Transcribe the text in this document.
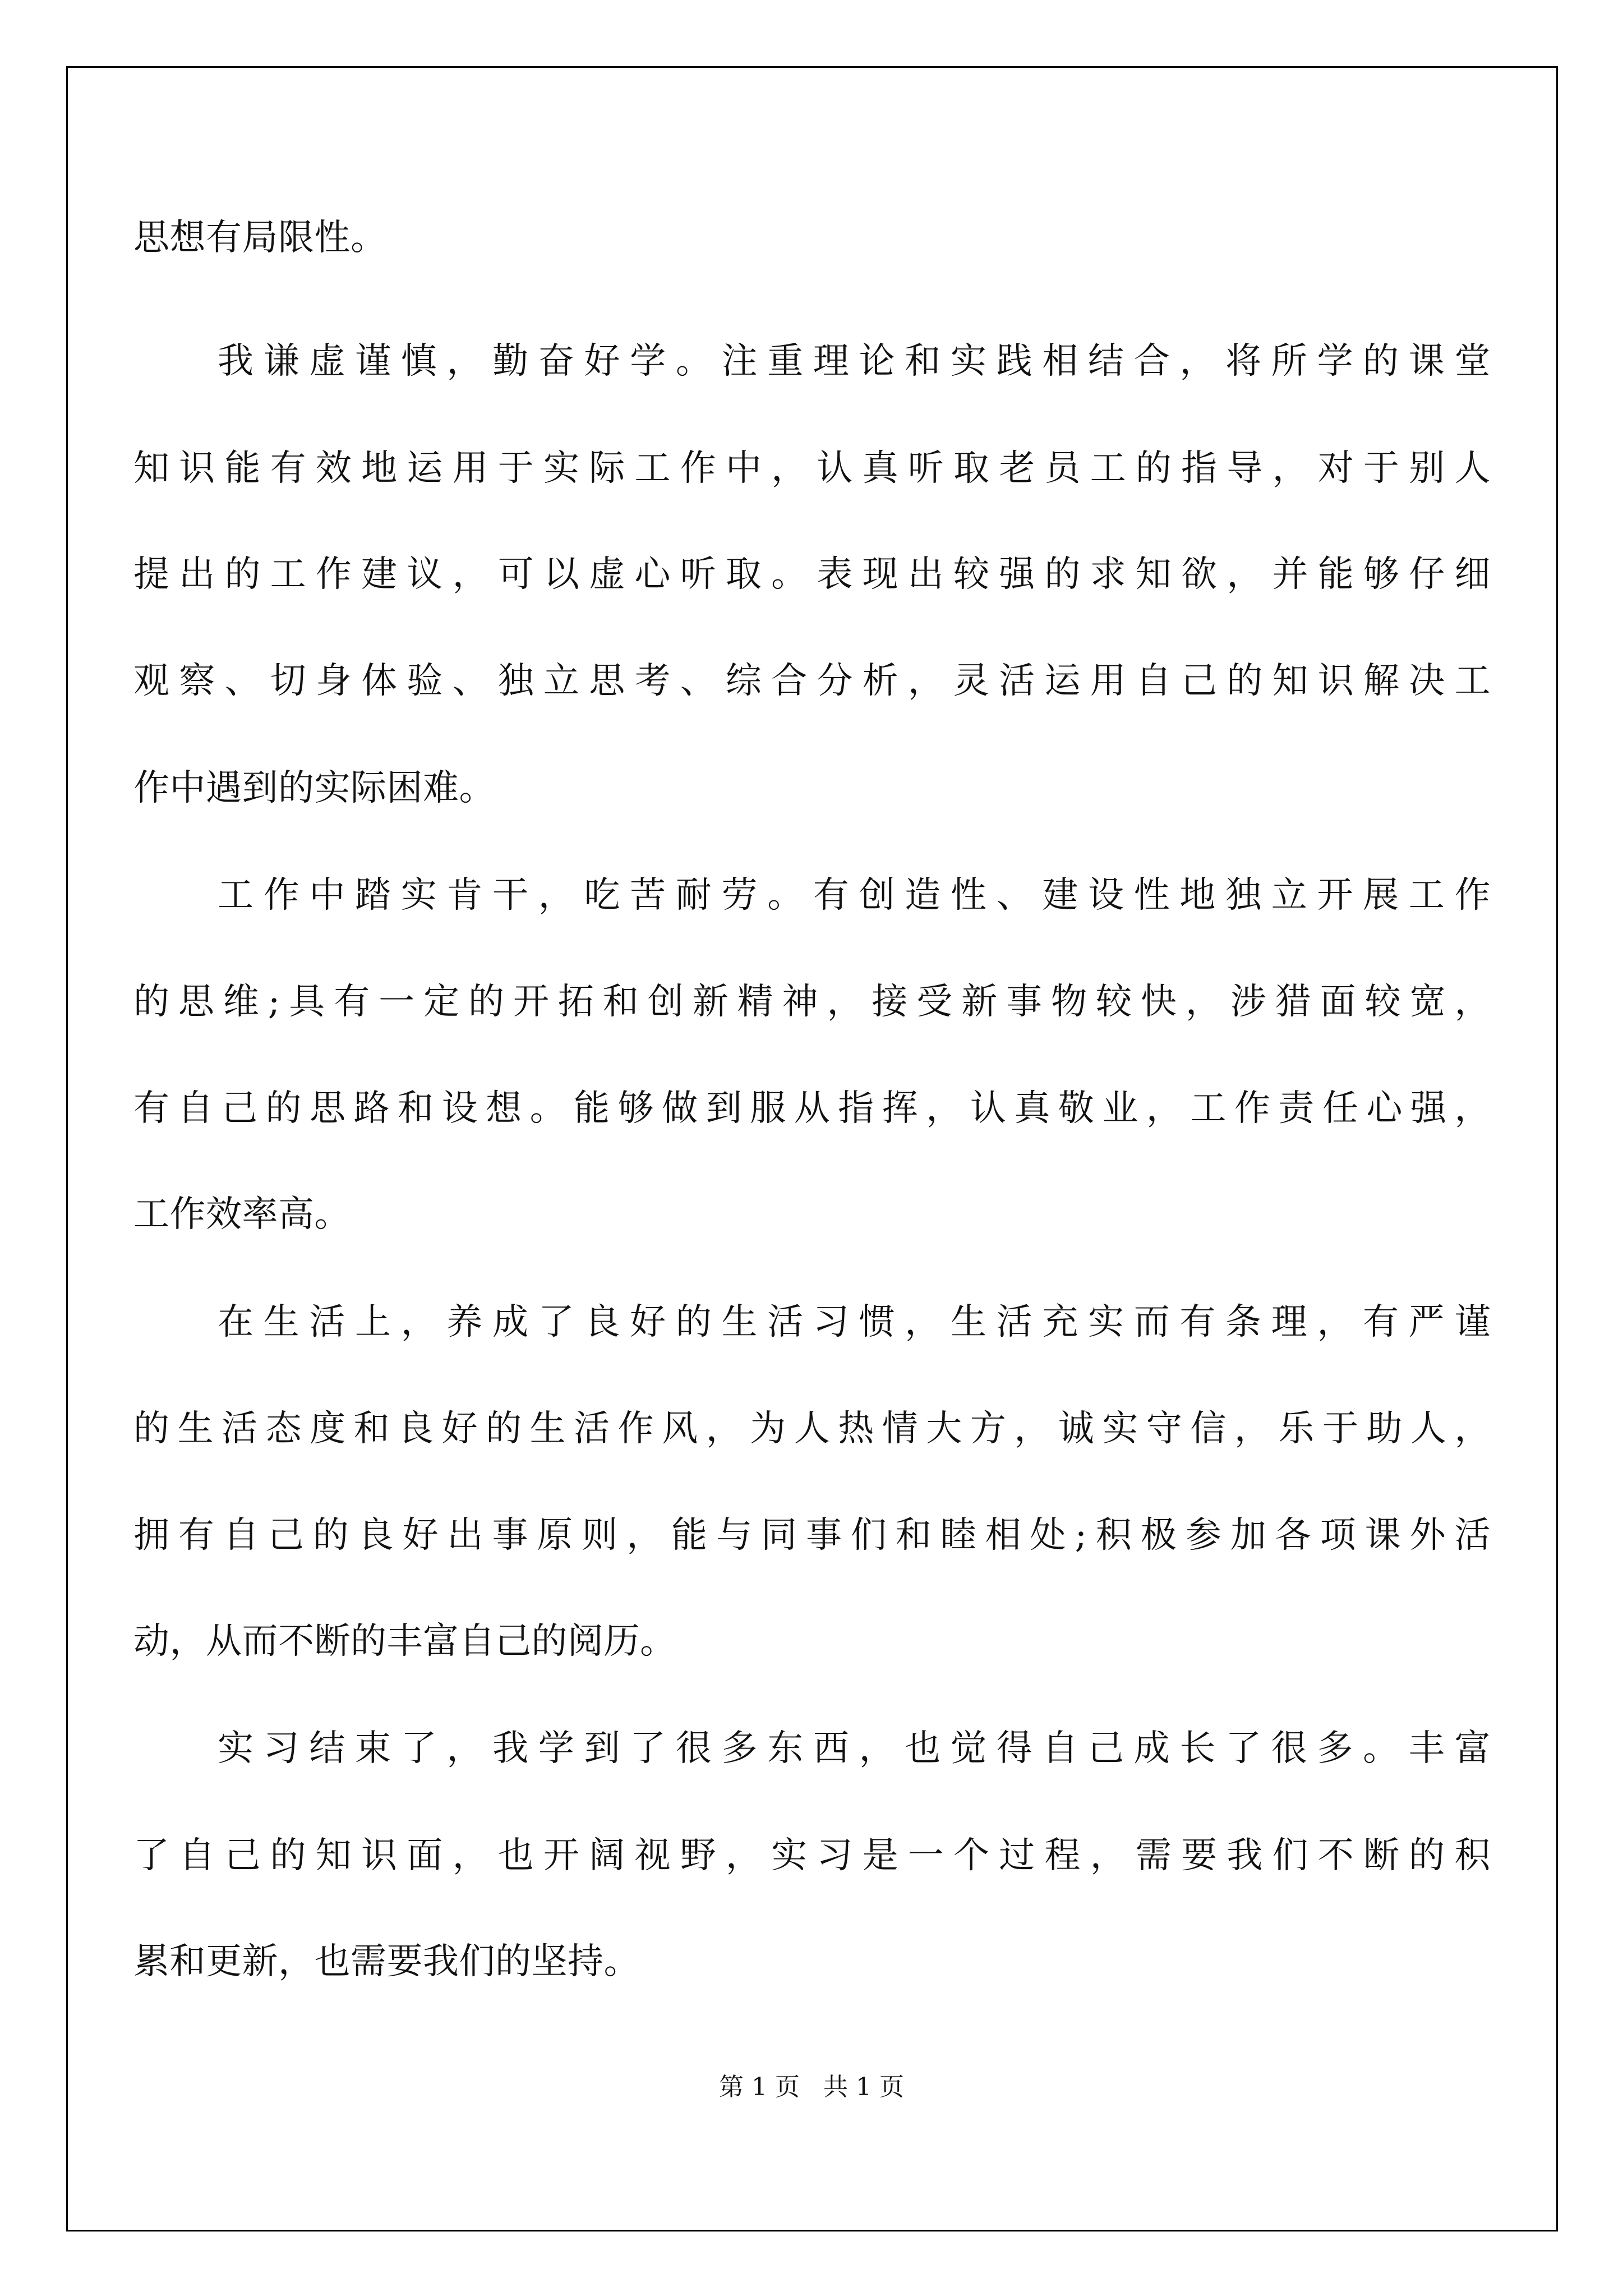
思想有局限性。

我谦虚谨慎，勤奋好学。注重理论和实践相结合，将所学的课堂

知识能有效地运用于实际工作中，认真听取老员工的指导，对于别人

提出的工作建议，可以虚心听取。表现出较强的求知欲，并能够仔细

观察、切身体验、独立思考、综合分析，灵活运用自己的知识解决工

作中遇到的实际困难。

工作中踏实肯干，吃苦耐劳。有创造性、建设性地独立开展工作

的思维;具有一定的开拓和创新精神，接受新事物较快，涉猎面较宽，

有自己的思路和设想。能够做到服从指挥，认真敬业，工作责任心强，

工作效率高。

在生活上，养成了良好的生活习惯，生活充实而有条理，有严谨

的生活态度和良好的生活作风，为人热情大方，诚实守信，乐于助人，

拥有自己的良好出事原则，能与同事们和睦相处;积极参加各项课外活

动，从而不断的丰富自己的阅历。

实习结束了，我学到了很多东西，也觉得自己成长了很多。丰富

了自己的知识面，也开阔视野，实习是一个过程，需要我们不断的积

累和更新，也需要我们的坚持。

第 1 页   共 1 页
